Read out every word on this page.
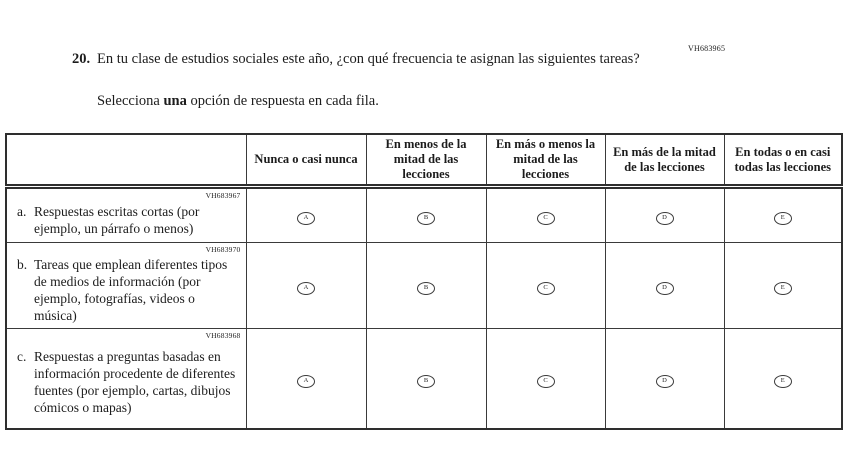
VH683965
20. En tu clase de estudios sociales este año, ¿con qué frecuencia te asignan las siguientes tareas?
Selecciona una opción de respuesta en cada fila.
	Nunca o casi nunca	En menos de la mitad de las lecciones	En más o menos la mitad de las lecciones	En más de la mitad de las lecciones	En todas o en casi todas las lecciones

VH683967
a. Respuestas escritas cortas (por ejemplo, un párrafo o menos)	A	B	C	D	E

VH683970
b. Tareas que emplean diferentes tipos de medios de información (por ejemplo, fotografías, videos o música)	A	B	C	D	E

VH683968
c. Respuestas a preguntas basadas en información procedente de diferentes fuentes (por ejemplo, cartas, dibujos cómicos o mapas)	A	B	C	D	E
